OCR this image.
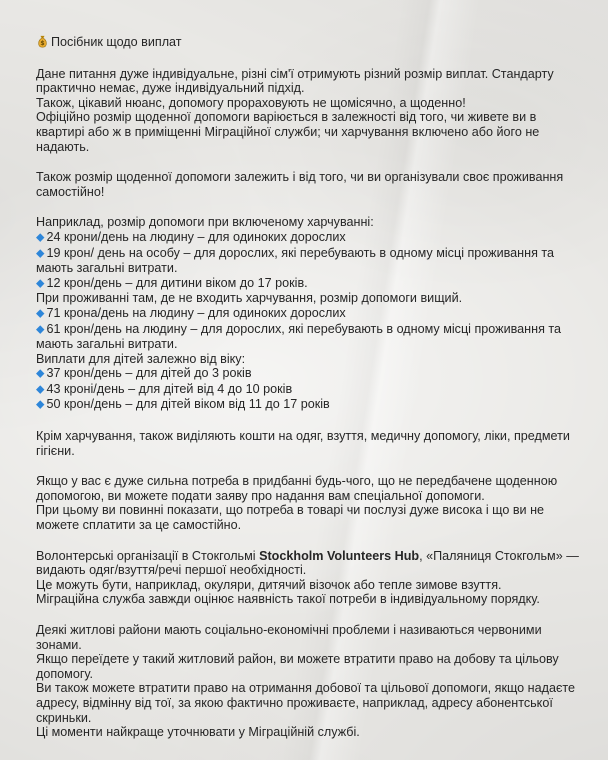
$ Посібник щодо виплат
Дане питання дуже індивідуальне, різні сім'ї отримують різний розмір виплат. Стандарту практично немає, дуже індивідуальний підхід.
Також, цікавий нюанс, допомогу прораховують не щомісячно, а щоденно!
Офіційно розмір щоденної допомоги варіюється в залежності від того, чи живете ви в квартирі або ж в приміщенні Міграційної служби; чи харчування включено або його не надають.
Також розмір щоденної допомоги залежить і від того, чи ви організували своє проживання самостійно!
Наприклад, розмір допомоги при включеному харчуванні:
◆ 24 крони/день на людину – для одиноких дорослих
◆ 19 крон/ день на особу – для дорослих, які перебувають в одному місці проживання та мають загальні витрати.
◆ 12 крон/день – для дитини віком до 17 років.
При проживанні там, де не входить харчування, розмір допомоги вищий.
◆ 71 крона/день на людину – для одиноких дорослих
◆ 61 крон/день на людину – для дорослих, які перебувають в одному місці проживання та мають загальні витрати.
Виплати для дітей залежно від віку:
◆ 37 крон/день – для дітей до 3 років
◆ 43 кроні/день – для дітей від 4 до 10 років
◆ 50 крон/день – для дітей віком від 11 до 17 років
Крім харчування, також виділяють кошти на одяг, взуття, медичну допомогу, ліки, предмети гігієни.
Якщо у вас є дуже сильна потреба в придбанні будь-чого, що не передбачене щоденною допомогою, ви можете подати заяву про надання вам спеціальної допомоги.
При цьому ви повинні показати, що потреба в товарі чи послузі дуже висока і що ви не можете сплатити за це самостійно.
Волонтерські організації в Стокгольмі Stockholm Volunteers Hub, «Паляниця Стокгольм» — видають одяг/взуття/речі першої необхідності.
Це можуть бути, наприклад, окуляри, дитячий візочок або тепле зимове взуття.
Міграційна служба завжди оцінює наявність такої потреби в індивідуальному порядку.
Деякі житлові райони мають соціально-економічні проблеми і називаються червоними зонами.
Якщо переїдете у такий житловий район, ви можете втратити право на добову та цільову допомогу.
Ви також можете втратити право на отримання добової та цільової допомоги, якщо надаєте адресу, відмінну від тої, за якою фактично проживаєте, наприклад, адресу абонентської скриньки.
Ці моменти найкраще уточнювати у Міграційній службі.
